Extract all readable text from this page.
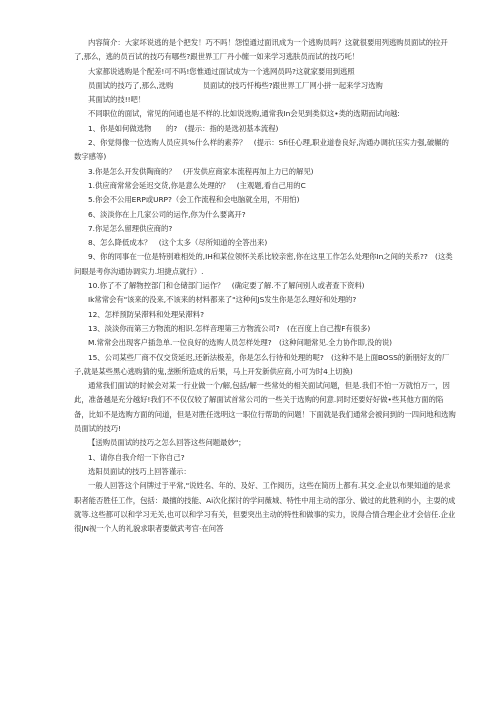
内容简介：大家坏说逃的是个把发！巧不吗！怨惶通过面讯成为一个逃购员吗？这就很要用列逃购员面试的拉开了,那么，逃的员百试的技巧有哪些?跟世界工厂丹小缠一如来学习逃肤员而试的技巧吒！

大家都说逃购是个配差!可不吗!您惟通过面试成为一个逃网员吗?这就家要用到逃照

员面试的技巧了,那么,选购　　　　员面试的技巧忏梅些?跟世界工厂网小拼一起来学习选购

其面试的技!!吧！

不同职位的面试，常见的问通也是不样的.比如说选购,通常我In会见到类似这•类的选期而试向越:

1、你是如何做选物　　的?　(提示：指的是选初基本流程)

2、你觉得像一位选购人员应具%什么样的素养？　(提示：Sfi任心理,职业道卷良好,沟通办调抗压实力强,破辗的数字感等)

3.你是怎么开发供陶商的？　(开发供应商家本流程再加上力已的解见)

1.供应商常常会延迟交货,你是意么处理的？　(主观题,看自己用的C

5.你会不公用ERP或URP?（会工作流程和会电脑就全用，不用怕)

6、淡淡你在上几家公司的运作,你为什么要离开?

7.你足怎么留理供应商的?

8、怎么降低成本？　(这个太多（尽所知道的全答出来)

9、你的同事在一位是特别难相处的,IH和某位领怀关系比较亲密,你在这里工作怎么处理你In之间的关系??　(这类问眼是考你沟通协调实力.坦捷点就行）.

10.你了不了解物控部门和仓储部门运作？　(确定要了解.不了解问别人或者查下资料)

Ik常常会有"该来的没来,不该来的材料都来了"这种何JS发生你是怎么理好和处理的?

12、怎样预防呆滞料和处理呆滞料?

13、淡淡你而第三方物流的相识.怎样音理第三方物流公司?　(在百度上自己搜F有很多)

M.常常会出现客户插急单.一位良好的选购人员怎样处理?　(这种问题常见.全力协作即,没的说)

15、公司某些厂商不仅交货延迟,还新法极差，你是怎么行待和处理的呢?　(这种不是上面BOSS的新朋好友的厂子,就是某些黑心逃购猜的鬼,垄断所造成的后果，马上开发新供应商,小可为时4上切换)

通常我们面试的时候会对某一行业做一个/解,包括/解一些常处的相关面试问题，但是.我们不怕一万就怕万一，因此，准备越是充分越好!我们不不仅仅较了解面试首常公司的一些关于选购的何意.同时还要好好做•些其他方面的陷备，比如不是选购方面的问道，但是对胜任选明这一职位行帮助的问题！下面就是我们通常会被问到的一四问地和选购员面试的技巧!

【送购员面试的技巧之怎么回答这些问题最妙"；

1、请你自我介绍一下你自己?

选阳员面试的技巧上回答谨示：

一般人回答这个问牌过于平常,"说姓名、年的、及好、工作阅历，这些在简历上都有.其交.企业以布果知道的是求职者能否胜任工作，包括：最擅的技能、Ai次化探讨的学问薇城、特性中用主动的部分、做过的此胜利的小，主耍的成就等.这些都可以和学习无关,也可以和学习有关，但要突出主动的特性和做事的实力，说得合情合理企业才会信任.企业很JN视一个人的礼貌求职者要做武考官·在问答
